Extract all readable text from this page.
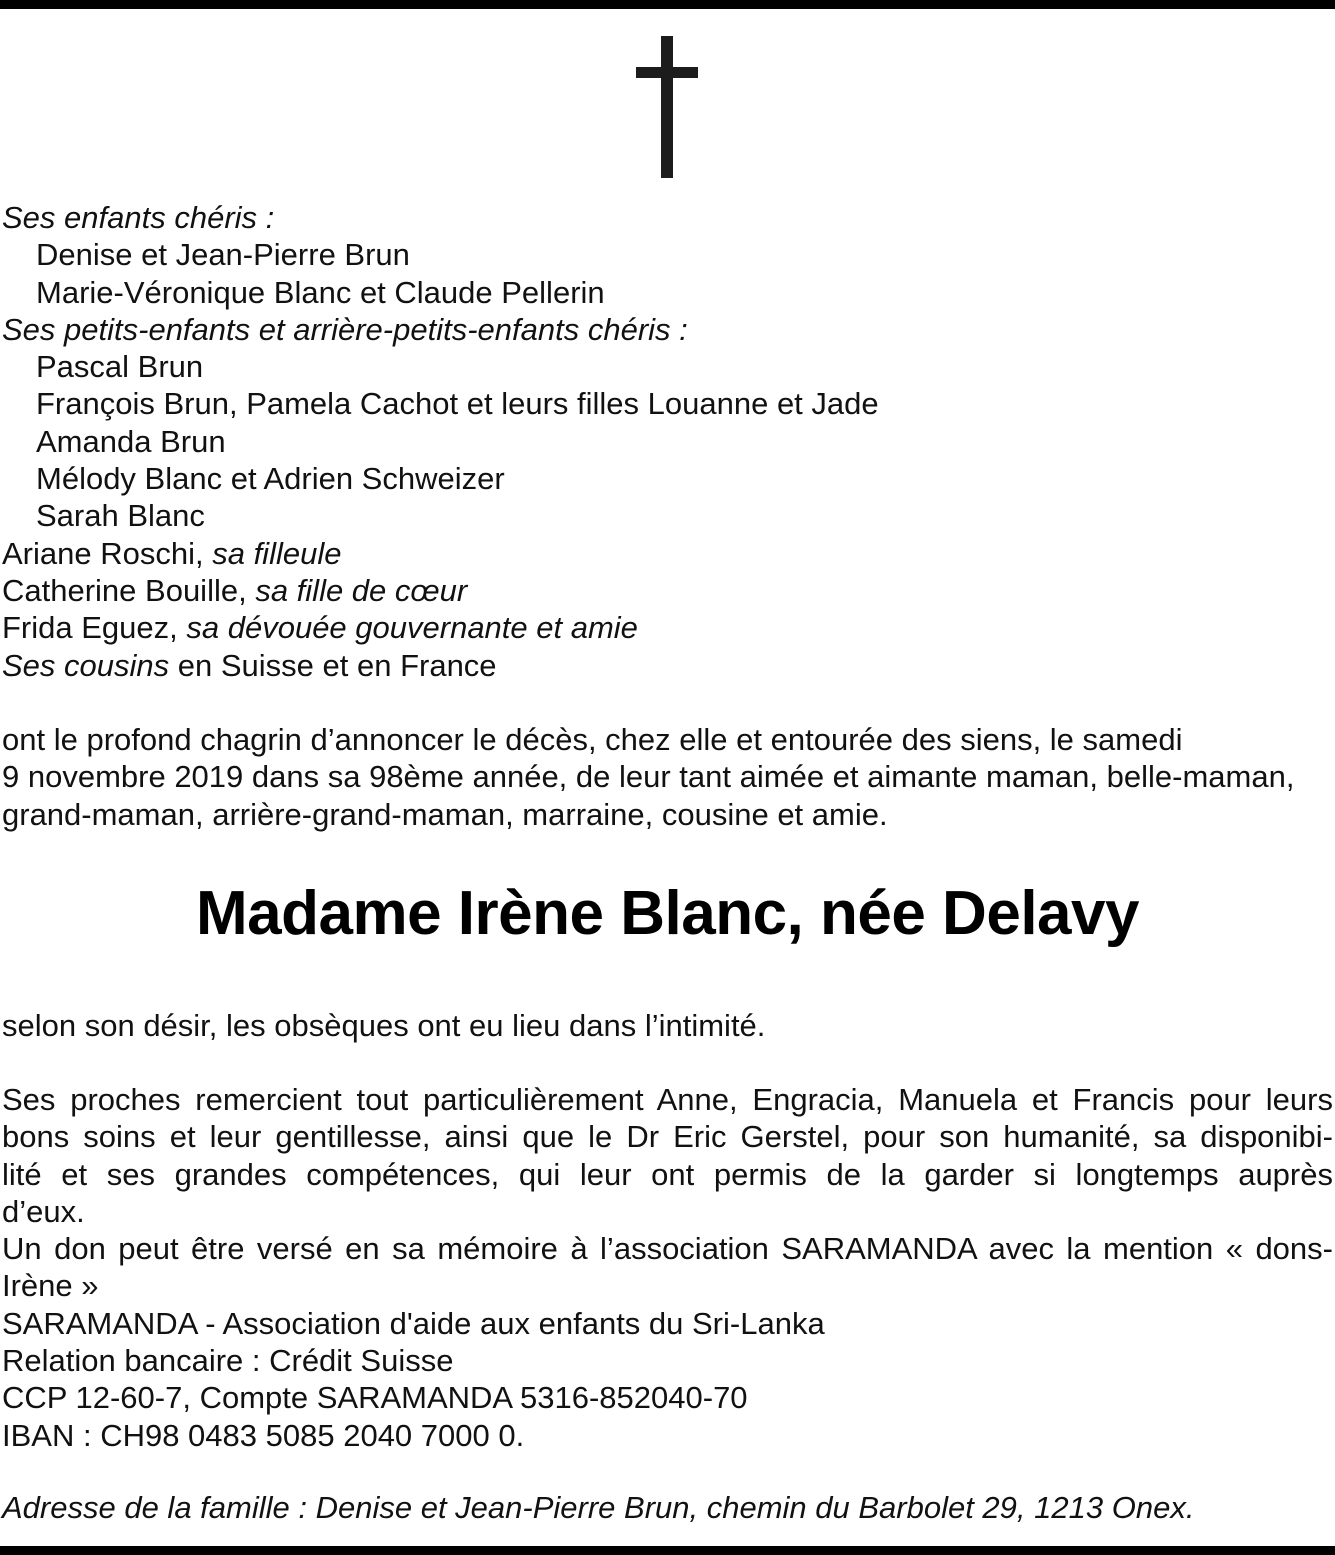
Ses enfants chéris :
Denise et Jean-Pierre Brun
Marie-Véronique Blanc et Claude Pellerin
Ses petits-enfants et arrière-petits-enfants chéris :
Pascal Brun
François Brun, Pamela Cachot et leurs filles Louanne et Jade
Amanda Brun
Mélody Blanc et Adrien Schweizer
Sarah Blanc
Ariane Roschi, sa filleule
Catherine Bouille, sa fille de cœur
Frida Eguez, sa dévouée gouvernante et amie
Ses cousins en Suisse et en France
ont le profond chagrin d’annoncer le décès, chez elle et entourée des siens, le samedi
9 novembre 2019 dans sa 98ème année, de leur tant aimée et aimante maman, belle-maman,
grand-maman, arrière-grand-maman, marraine, cousine et amie.
Madame Irène Blanc, née Delavy
selon son désir, les obsèques ont eu lieu dans l’intimité.
Ses proches remercient tout particulièrement Anne, Engracia, Manuela et Francis pour leurs
bons soins et leur gentillesse, ainsi que le Dr Eric Gerstel, pour son humanité, sa disponibi-
lité et ses grandes compétences, qui leur ont permis de la garder si longtemps auprès
d’eux.
Un don peut être versé en sa mémoire à l’association SARAMANDA avec la mention « dons-
Irène »
SARAMANDA - Association d'aide aux enfants du Sri-Lanka
Relation bancaire : Crédit Suisse
CCP 12-60-7, Compte SARAMANDA 5316-852040-70
IBAN : CH98 0483 5085 2040 7000 0.
Adresse de la famille : Denise et Jean-Pierre Brun, chemin du Barbolet 29, 1213 Onex.
